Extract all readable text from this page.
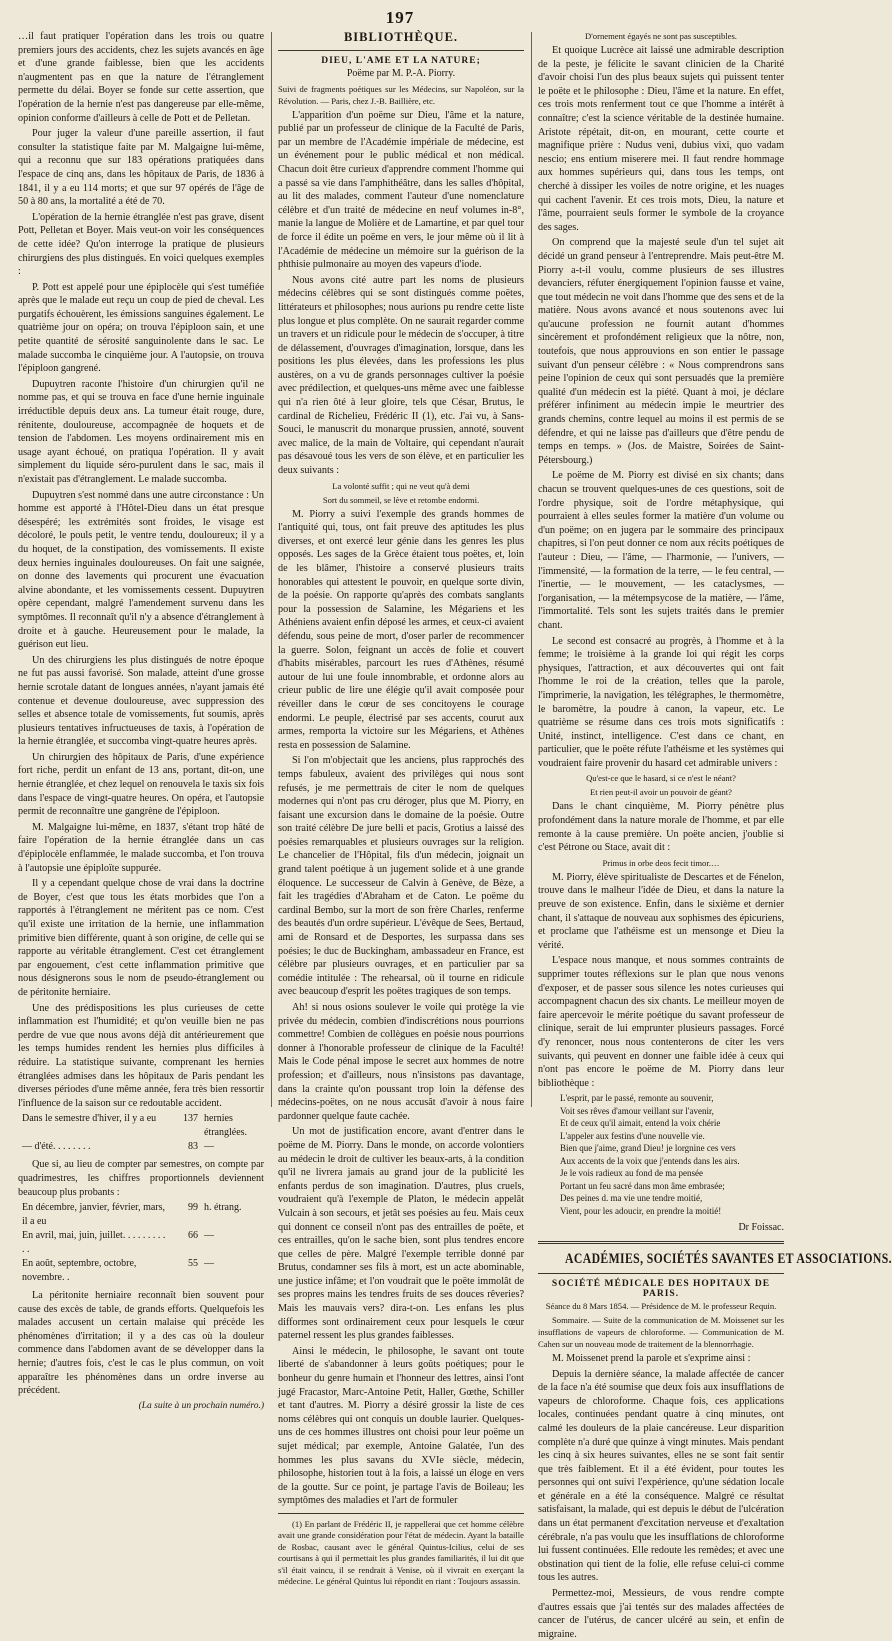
197

…il faut pratiquer l'opération dans les trois ou quatre premiers jours des accidents, chez les sujets avancés en âge et d'une grande faiblesse, bien que les accidents n'augmentent pas en que la nature de l'étranglement permette du délai. Boyer se fonde sur cette assertion, que l'opération de la hernie n'est pas dangereuse par elle-même, opinion conforme d'ailleurs à celle de Pott et de Pelletan.

Pour juger la valeur d'une pareille assertion, il faut consulter la statistique faite par M. Malgaigne lui-même, qui a reconnu que sur 183 opérations pratiquées dans l'espace de cinq ans, dans les hôpitaux de Paris, de 1836 à 1841, il y a eu 114 morts; et que sur 97 opérés de l'âge de 50 à 80 ans, la mortalité a été de 70.

L'opération de la hernie étranglée n'est pas grave, disent Pott, Pelletan et Boyer. Mais veut-on voir les conséquences de cette idée? Qu'on interroge la pratique de plusieurs chirurgiens des plus distingués. En voici quelques exemples :

P. Pott est appelé pour une épiplocèle qui s'est tuméfiée après que le malade eut reçu un coup de pied de cheval. Les purgatifs échouèrent, les émissions sanguines également. Le quatrième jour on opéra; on trouva l'épiploon sain, et une petite quantité de sérosité sanguinolente dans le sac. Le malade succomba le cinquième jour. A l'autopsie, on trouva l'épiploon gangrené.

Dupuytren raconte l'histoire d'un chirurgien qu'il ne nomme pas, et qui se trouva en face d'une hernie inguinale irréductible depuis deux ans. La tumeur était rouge, dure, rénitente, douloureuse, accompagnée de hoquets et de tension de l'abdomen. Les moyens ordinairement mis en usage ayant échoué, on pratiqua l'opération. Il y avait simplement du liquide séro-purulent dans le sac, mais il n'existait pas d'étranglement. Le malade succomba.

Dupuytren s'est nommé dans une autre circonstance : Un homme est apporté à l'Hôtel-Dieu dans un état presque désespéré; les extrémités sont froides, le visage est décoloré, le pouls petit, le ventre tendu, douloureux; il y a du hoquet, de la constipation, des vomissements. Il existe deux hernies inguinales douloureuses. On fait une saignée, on donne des lavements qui procurent une évacuation alvine abondante, et les vomissements cessent. Dupuytren opère cependant, malgré l'amendement survenu dans les symptômes. Il reconnaît qu'il n'y a absence d'étranglement à droite et à gauche. Heureusement pour le malade, la guérison eut lieu.

Un des chirurgiens les plus distingués de notre époque ne fut pas aussi favorisé. Son malade, atteint d'une grosse hernie scrotale datant de longues années, n'ayant jamais été contenue et devenue douloureuse, avec suppression des selles et absence totale de vomissements, fut soumis, après plusieurs tentatives infructueuses de taxis, à l'opération de la hernie étranglée, et succomba vingt-quatre heures après.

Un chirurgien des hôpitaux de Paris, d'une expérience fort riche, perdit un enfant de 13 ans, portant, dit-on, une hernie étranglée, et chez lequel on renouvela le taxis six fois dans l'espace de vingt-quatre heures. On opéra, et l'autopsie permit de reconnaître une gangrène de l'épiploon.

M. Malgaigne lui-même, en 1837, s'étant trop hâté de faire l'opération de la hernie étranglée dans un cas d'épiplocèle enflammée, le malade succomba, et l'on trouva à l'autopsie une épiploïte suppurée.

Il y a cependant quelque chose de vrai dans la doctrine de Boyer, c'est que tous les états morbides que l'on a rapportés à l'étranglement ne méritent pas ce nom. C'est qu'il existe une irritation de la hernie, une inflammation primitive bien différente, quant à son origine, de celle qui se rapporte au véritable étranglement. C'est cet étranglement par engouement, c'est cette inflammation primitive que nous désignerons sous le nom de pseudo-étranglement ou de péritonite herniaire.

Une des prédispositions les plus curieuses de cette inflammation est l'humidité; et qu'on veuille bien ne pas perdre de vue que nous avons déjà dit antérieurement que les temps humides rendent les hernies plus difficiles à réduire. La statistique suivante, comprenant les hernies étranglées admises dans les hôpitaux de Paris pendant les diverses périodes d'une même année, fera très bien ressortir l'influence de la saison sur ce redoutable accident.

Dans le semestre d'hiver, il y a eu	137 hernies étranglées.
— d'été. . . . . . . .	83 —

Que si, au lieu de compter par semestres, on compte par quadrimestres, les chiffres proportionnels deviennent beaucoup plus probants :

En décembre, janvier, février, mars, il a eu
99 h. étrang.
En avril, mai, juin, juillet. . . . . . . . . . .
66 —
En août, septembre, octobre, novembre. .
55 —

La péritonite herniaire reconnaît bien souvent pour cause des excès de table, de grands efforts. Quelquefois les malades accusent un certain malaise qui précède les phénomènes d'irritation; il y a des cas où la douleur commence dans l'abdomen avant de se développer dans la hernie; d'autres fois, c'est le cas le plus commun, on voit apparaître les phénomènes dans un ordre inverse au précédent.

(La suite à un prochain numéro.)

BIBLIOTHÈQUE.
DIEU, L'AME ET LA NATURE;

Poëme par M. P.-A. Piorry.

Suivi de fragments poétiques sur les Médecins, sur Napoléon, sur la Révolution. — Paris, chez J.-B. Baillière, etc.

L'apparition d'un poëme sur Dieu, l'âme et la nature, publié par un professeur de clinique de la Faculté de Paris, par un membre de l'Académie impériale de médecine, est un événement pour le public médical et non médical. Chacun doit être curieux d'apprendre comment l'homme qui a passé sa vie dans l'amphithéâtre, dans les salles d'hôpital, au lit des malades, comment l'auteur d'une nomenclature célèbre et d'un traité de médecine en neuf volumes in-8°, manie la langue de Molière et de Lamartine, et par quel tour de force il édite un poëme en vers, le jour même où il lit à l'Académie de médecine un mémoire sur la guérison de la phthisie pulmonaire au moyen des vapeurs d'iode.

Nous avons cité autre part les noms de plusieurs médecins célèbres qui se sont distingués comme poëtes, littérateurs et philosophes; nous aurions pu rendre cette liste plus longue et plus complète. On ne saurait regarder comme un travers et un ridicule pour le médecin de s'occuper, à titre de délassement, d'ouvrages d'imagination, lorsque, dans les positions les plus élevées, dans les professions les plus austères, on a vu de grands personnages cultiver la poésie avec prédilection, et quelques-uns même avec une faiblesse qui n'a rien ôté à leur gloire, tels que César, Brutus, le cardinal de Richelieu, Frédéric II (1), etc. J'ai vu, à Sans-Souci, le manuscrit du monarque prussien, annoté, souvent avec malice, de la main de Voltaire, qui cependant n'aurait pas désavoué tous les vers de son élève, et en particulier les deux suivants :

La volonté suffit ; qui ne veut qu'à demi

Sort du sommeil, se lève et retombe endormi.

M. Piorry a suivi l'exemple des grands hommes de l'antiquité qui, tous, ont fait preuve des aptitudes les plus diverses, et ont exercé leur génie dans les genres les plus opposés. Les sages de la Grèce étaient tous poëtes, et, loin de les blâmer, l'histoire a conservé plusieurs traits honorables qui attestent le pouvoir, en quelque sorte divin, de la poésie. On rapporte qu'après des combats sanglants pour la possession de Salamine, les Mégariens et les Athéniens avaient enfin déposé les armes, et ceux-ci avaient défendu, sous peine de mort, d'oser parler de recommencer la guerre. Solon, feignant un accès de folie et couvert d'habits misérables, parcourt les rues d'Athènes, résumé autour de lui une foule innombrable, et ordonne alors au crieur public de lire une élégie qu'il avait composée pour réveiller dans le cœur de ses concitoyens le courage endormi. Le peuple, électrisé par ses accents, courut aux armes, remporta la victoire sur les Mégariens, et Athènes resta en possession de Salamine.

Si l'on m'objectait que les anciens, plus rapprochés des temps fabuleux, avaient des privilèges qui nous sont refusés, je me permettrais de citer le nom de quelques modernes qui n'ont pas cru déroger, plus que M. Piorry, en faisant une excursion dans le domaine de la poésie. Outre son traité célèbre De jure belli et pacis, Grotius a laissé des poésies remarquables et plusieurs ouvrages sur la religion. Le chancelier de l'Hôpital, fils d'un médecin, joignait un grand talent poétique à un jugement solide et à une grande éloquence. Le successeur de Calvin à Genève, de Bèze, a fait les tragédies d'Abraham et de Caton. Le poëme du cardinal Bembo, sur la mort de son frère Charles, renferme des beautés d'un ordre supérieur. L'évêque de Sees, Bertaud, ami de Ronsard et de Desportes, les surpassa dans ses poésies; le duc de Buckingham, ambassadeur en France, est célèbre par plusieurs ouvrages, et en particulier par sa comédie intitulée : The rehearsal, où il tourne en ridicule avec beaucoup d'esprit les poëtes tragiques de son temps.

Ah! si nous osions soulever le voile qui protège la vie privée du médecin, combien d'indiscrétions nous pourrions commettre! Combien de collègues en poésie nous pourrions donner à l'honorable professeur de clinique de la Faculté! Mais le Code pénal impose le secret aux hommes de notre profession; et d'ailleurs, nous n'insistons pas davantage, dans la crainte qu'on poussant trop loin la défense des médecins-poëtes, on ne nous accusât d'avoir à nous faire pardonner quelque faute cachée.

Un mot de justification encore, avant d'entrer dans le poëme de M. Piorry. Dans le monde, on accorde volontiers au médecin le droit de cultiver les beaux-arts, à la condition qu'il ne livrera jamais au grand jour de la publicité les enfants perdus de son imagination. D'autres, plus cruels, voudraient qu'à l'exemple de Platon, le médecin appelât Vulcain à son secours, et jetât ses poésies au feu. Mais ceux qui donnent ce conseil n'ont pas des entrailles de poëte, et ces entrailles, qu'on le sache bien, sont plus tendres encore que celles de père. Malgré l'exemple terrible donné par Brutus, condamner ses fils à mort, est un acte abominable, une justice infâme; et l'on voudrait que le poëte immolât de ses propres mains les tendres fruits de ses douces rêveries? Mais les mauvais vers? dira-t-on. Les enfans les plus difformes sont ordinairement ceux pour lesquels le cœur paternel ressent les plus grandes faiblesses.

Ainsi le médecin, le philosophe, le savant ont toute liberté de s'abandonner à leurs goûts poétiques; pour le bonheur du genre humain et l'honneur des lettres, ainsi l'ont jugé Fracastor, Marc-Antoine Petit, Haller, Gœthe, Schiller et tant d'autres. M. Piorry a désiré grossir la liste de ces noms célèbres qui ont conquis un double laurier. Quelques-uns de ces hommes illustres ont choisi pour leur poëme un sujet médical; par exemple, Antoine Galatée, l'un des hommes les plus savans du XVIe siècle, médecin, philosophe, historien tout à la fois, a laissé un éloge en vers de la goutte. Sur ce point, je partage l'avis de Boileau; les symptômes des maladies et l'art de formuler

(1) En parlant de Frédéric II, je rappellerai que cet homme célèbre avait une grande considération pour l'état de médecin. Ayant la bataille de Rosbac, causant avec le général Quintus-Icilius, celui de ses courtisans à qui il permettait les plus grandes familiarités, il lui dit que s'il était vaincu, il se rendrait à Venise, où il vivrait en exerçant la médecine. Le général Quintus lui répondit en riant : Toujours assassin.

D'ornement égayés ne sont pas susceptibles.

Et quoique Lucrèce ait laissé une admirable description de la peste, je félicite le savant clinicien de la Charité d'avoir choisi l'un des plus beaux sujets qui puissent tenter le poëte et le philosophe : Dieu, l'âme et la nature. En effet, ces trois mots renferment tout ce que l'homme a intérêt à connaître; c'est la science véritable de la destinée humaine. Aristote répétait, dit-on, en mourant, cette courte et magnifique prière : Nudus veni, dubius vixi, quo vadam nescio; ens entium miserere mei. Il faut rendre hommage aux hommes supérieurs qui, dans tous les temps, ont cherché à dissiper les voiles de notre origine, et les nuages qui cachent l'avenir. Et ces trois mots, Dieu, la nature et l'âme, pourraient seuls former le symbole de la croyance des sages.

On comprend que la majesté seule d'un tel sujet ait décidé un grand penseur à l'entreprendre. Mais peut-être M. Piorry a-t-il voulu, comme plusieurs de ses illustres devanciers, réfuter énergiquement l'opinion fausse et vaine, que tout médecin ne voit dans l'homme que des sens et de la matière. Nous avons avancé et nous soutenons avec lui qu'aucune profession ne fournit autant d'hommes sincèrement et profondément religieux que la nôtre, non, toutefois, que nous approuvions en son entier le passage suivant d'un penseur célèbre : « Nous comprendrons sans peine l'opinion de ceux qui sont persuadés que la première qualité d'un médecin est la piété. Quant à moi, je déclare préférer infiniment au médecin impie le meurtrier des grands chemins, contre lequel au moins il est permis de se défendre, et qui ne laisse pas d'ailleurs que d'être pendu de temps en temps. » (Jos. de Maistre, Soirées de Saint-Pétersbourg.)

Le poëme de M. Piorry est divisé en six chants; dans chacun se trouvent quelques-unes de ces questions, soit de l'ordre physique, soit de l'ordre métaphysique, qui pourraient à elles seules former la matière d'un volume ou d'un poëme; on en jugera par le sommaire des principaux chapitres, si l'on peut donner ce nom aux récits poétiques de l'auteur : Dieu, — l'âme, — l'harmonie, — l'univers, — l'immensité, — la formation de la terre, — le feu central, — l'inertie, — le mouvement, — les cataclysmes, — l'organisation, — la métempsycose de la matière, — l'âme, l'immortalité. Tels sont les sujets traités dans le premier chant.

Le second est consacré au progrès, à l'homme et à la femme; le troisième à la grande loi qui régit les corps physiques, l'attraction, et aux découvertes qui ont fait l'homme le roi de la création, telles que la parole, l'imprimerie, la navigation, les télégraphes, le thermomètre, le baromètre, la poudre à canon, la vapeur, etc. Le quatrième se résume dans ces trois mots significatifs : Unité, instinct, intelligence. C'est dans ce chant, en particulier, que le poëte réfute l'athéisme et les systèmes qui voudraient faire provenir du hasard cet admirable univers :

Qu'est-ce que le hasard, si ce n'est le néant?

Et rien peut-il avoir un pouvoir de géant?

Dans le chant cinquième, M. Piorry pénètre plus profondément dans la nature morale de l'homme, et par elle remonte à la cause première. Un poëte ancien, j'oublie si c'est Pétrone ou Stace, avait dit :

Primus in orbe deos fecit timor.…

M. Piorry, élève spiritualiste de Descartes et de Fénelon, trouve dans le malheur l'idée de Dieu, et dans la nature la preuve de son existence. Enfin, dans le sixième et dernier chant, il s'attaque de nouveau aux sophismes des épicuriens, et proclame que l'athéisme est un mensonge et Dieu la vérité.

L'espace nous manque, et nous sommes contraints de supprimer toutes réflexions sur le plan que nous venons d'exposer, et de passer sous silence les notes curieuses qui accompagnent chacun des six chants. Le meilleur moyen de faire apercevoir le mérite poétique du savant professeur de clinique, serait de lui emprunter plusieurs passages. Forcé d'y renoncer, nous nous contenterons de citer les vers suivants, qui peuvent en donner une faible idée à ceux qui n'ont pas encore le poëme de M. Piorry dans leur bibliothèque :

L'esprit, par le passé, remonte au souvenir,
Voit ses rêves d'amour veillant sur l'avenir,
Et de ceux qu'il aimait, entend la voix chérie
L'appeler aux festins d'une nouvelle vie.
Bien que j'aime, grand Dieu! je lorgnine ces vers
Aux accents de la voix que j'entends dans les airs.
Je le vois radieux au fond de ma pensée
Portant un feu sacré dans mon âme embrasée;
Des peines d. ma vie une tendre moitié,
Vient, pour les adoucir, en prendre la moitié!

Dr Foissac.

ACADÉMIES, SOCIÉTÉS SAVANTES ET ASSOCIATIONS.
SOCIÉTÉ MÉDICALE DES HOPITAUX DE PARIS.

Séance du 8 Mars 1854. — Présidence de M. le professeur Requin.

Sommaire. — Suite de la communication de M. Moissenet sur les insufflations de vapeurs de chloroforme. — Communication de M. Cahen sur un nouveau mode de traitement de la blennorrhagie.

M. Moissenet prend la parole et s'exprime ainsi :

Depuis la dernière séance, la malade affectée de cancer de la face n'a été soumise que deux fois aux insufflations de vapeurs de chloroforme. Chaque fois, ces applications locales, continuées pendant quatre à cinq minutes, ont calmé les douleurs de la plaie cancéreuse. Leur disparition complète n'a duré que quinze à vingt minutes. Mais pendant les cinq à six heures suivantes, elles ne se sont fait sentir que très faiblement. Et il a été évident, pour toutes les personnes qui ont suivi l'expérience, qu'une sédation locale et générale en a été la conséquence. Malgré ce résultat satisfaisant, la malade, qui est depuis le début de l'ulcération dans un état permanent d'excitation nerveuse et d'exaltation cérébrale, n'a pas voulu que les insufflations de chloroforme lui fussent continuées. Elle redoute les remèdes; et avec une obstination qui tient de la folie, elle refuse celui-ci comme tous les autres.

Permettez-moi, Messieurs, de vous rendre compte d'autres essais que j'ai tentés sur des malades affectées de cancer de l'utérus, de cancer ulcéré au sein, et enfin de migraine.
